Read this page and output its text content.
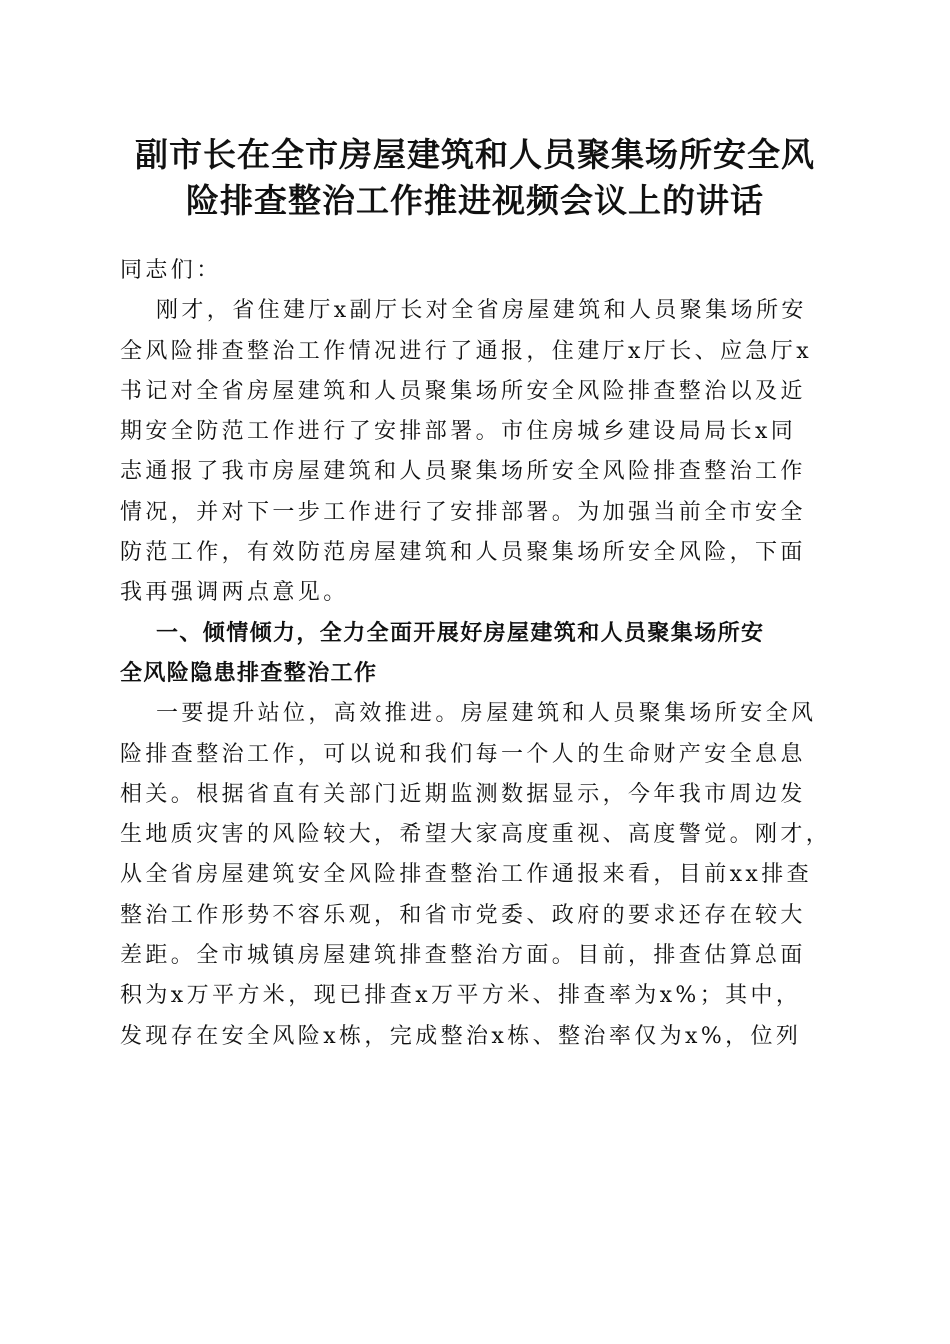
副市长在全市房屋建筑和人员聚集场所安全风
险排查整治工作推进视频会议上的讲话
同志们：
刚才，省住建厅x副厅长对全省房屋建筑和人员聚集场所安
全风险排查整治工作情况进行了通报，住建厅x厅长、应急厅x
书记对全省房屋建筑和人员聚集场所安全风险排查整治以及近
期安全防范工作进行了安排部署。市住房城乡建设局局长x同
志通报了我市房屋建筑和人员聚集场所安全风险排查整治工作
情况，并对下一步工作进行了安排部署。为加强当前全市安全
防范工作，有效防范房屋建筑和人员聚集场所安全风险，下面
我再强调两点意见。
一、倾情倾力，全力全面开展好房屋建筑和人员聚集场所安
全风险隐患排查整治工作
一要提升站位，高效推进。房屋建筑和人员聚集场所安全风
险排查整治工作，可以说和我们每一个人的生命财产安全息息
相关。根据省直有关部门近期监测数据显示，今年我市周边发
生地质灾害的风险较大，希望大家高度重视、高度警觉。刚才，
从全省房屋建筑安全风险排查整治工作通报来看，目前xx排查
整治工作形势不容乐观，和省市党委、政府的要求还存在较大
差距。全市城镇房屋建筑排查整治方面。目前，排查估算总面
积为x万平方米，现已排查x万平方米、排查率为x%；其中，
发现存在安全风险x栋，完成整治x栋、整治率仅为x%，位列
